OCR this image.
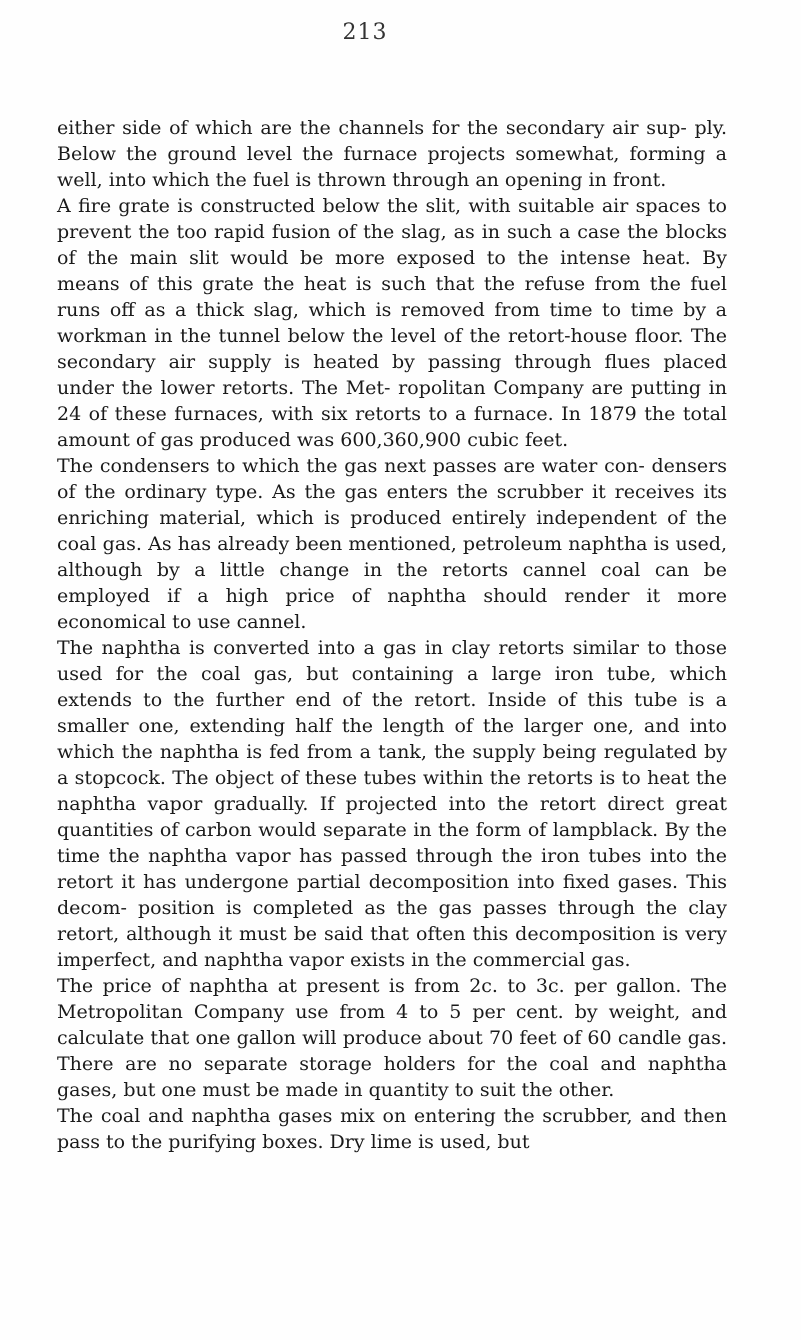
213

either side of which are the channels for the secondary air sup- ply. Below the ground level the furnace projects somewhat, forming a well, into which the fuel is thrown through an opening in front.

A fire grate is constructed below the slit, with suitable air spaces to prevent the too rapid fusion of the slag, as in such a case the blocks of the main slit would be more exposed to the intense heat. By means of this grate the heat is such that the refuse from the fuel runs off as a thick slag, which is removed from time to time by a workman in the tunnel below the level of the retort-house floor. The secondary air supply is heated by passing through flues placed under the lower retorts. The Met- ropolitan Company are putting in 24 of these furnaces, with six retorts to a furnace. In 1879 the total amount of gas produced was 600,360,900 cubic feet.

The condensers to which the gas next passes are water con- densers of the ordinary type. As the gas enters the scrubber it receives its enriching material, which is produced entirely independent of the coal gas. As has already been mentioned, petroleum naphtha is used, although by a little change in the retorts cannel coal can be employed if a high price of naphtha should render it more economical to use cannel.

The naphtha is converted into a gas in clay retorts similar to those used for the coal gas, but containing a large iron tube, which extends to the further end of the retort. Inside of this tube is a smaller one, extending half the length of the larger one, and into which the naphtha is fed from a tank, the supply being regulated by a stopcock. The object of these tubes within the retorts is to heat the naphtha vapor gradually. If projected into the retort direct great quantities of carbon would separate in the form of lampblack. By the time the naphtha vapor has passed through the iron tubes into the retort it has undergone partial decomposition into fixed gases. This decom- position is completed as the gas passes through the clay retort, although it must be said that often this decomposition is very imperfect, and naphtha vapor exists in the commercial gas.

The price of naphtha at present is from 2c. to 3c. per gallon. The Metropolitan Company use from 4 to 5 per cent. by weight, and calculate that one gallon will produce about 70 feet of 60 candle gas. There are no separate storage holders for the coal and naphtha gases, but one must be made in quantity to suit the other.

The coal and naphtha gases mix on entering the scrubber, and then pass to the purifying boxes. Dry lime is used, but
